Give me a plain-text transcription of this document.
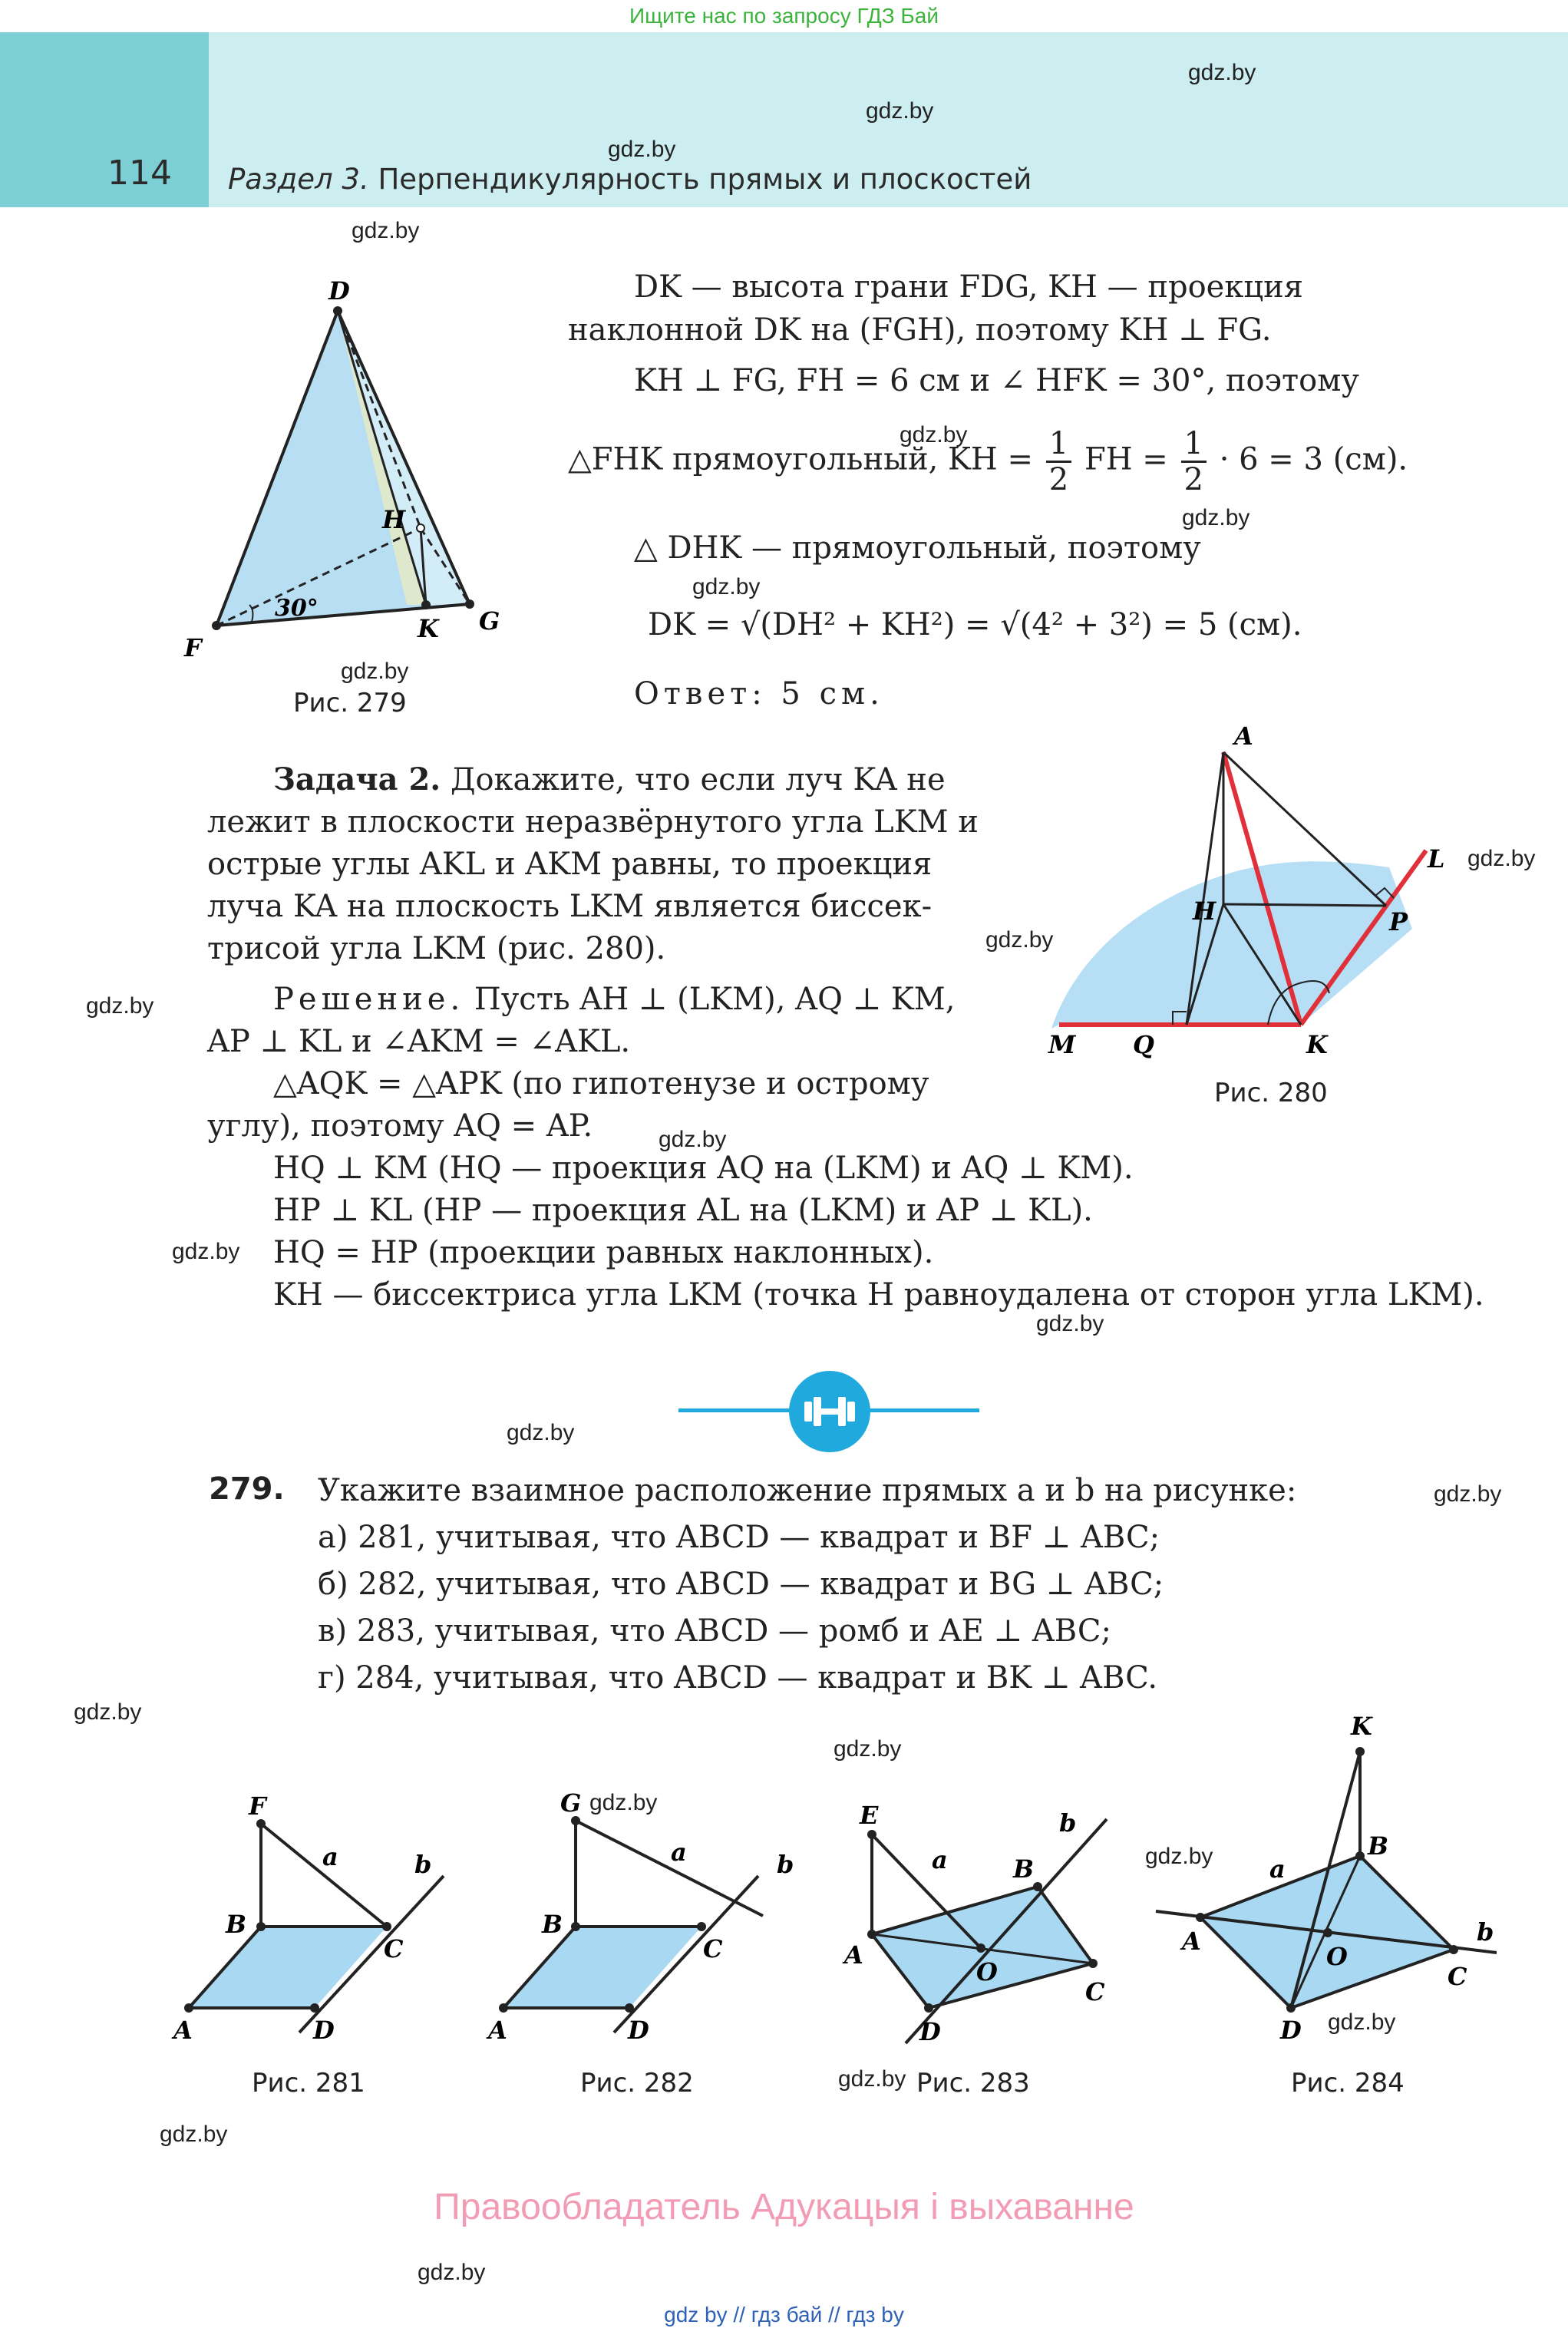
Ищите нас по запросу ГДЗ Бай
114 Раздел 3. Перпендикулярность прямых и плоскостей
gdz.by
gdz.by
gdz.by
gdz.by
gdz.by
gdz.by
gdz.by
gdz.by
gdz.by
gdz.by
gdz.by
gdz.by
gdz.by
gdz.by
gdz.by
gdz.by
gdz.by
gdz.by
gdz.by
gdz.by
gdz.by
gdz.by
gdz.by
gdz.by
D
H
F
K G
30°
Рис. 279
DK — высота грани FDG, KH — проекция
наклонной DK на (FGH), поэтому KH ⊥ FG.
KH ⊥ FG, FH = 6 см и ∠ HFK = 30°, поэтому
△FHK прямоугольный, KH = $\frac{1}{2}$ FH = $\frac{1}{2} \cdot 6 = 3$ (см).
△ DHK — прямоугольный, поэтому
DK = √(DH² + KH²) = √(4² + 3²) = 5 (см).
Ответ: 5 см.
Задача 2. Докажите, что если луч KA не
лежит в плоскости неразвёрнутого угла LKM и
острые углы AKL и AKM равны, то проекция
луча KA на плоскость LKM является биссек-
трисой угла LKM (рис. 280).
Решение. Пусть AH ⊥ (LKM), AQ ⊥ KM,
AP ⊥ KL и ∠AKM = ∠AKL.
△AQK = △APK (по гипотенузе и острому
углу), поэтому AQ = AP.
HQ ⊥ KM (HQ — проекция AQ на (LKM) и AQ ⊥ KM).
HP ⊥ KL (HP — проекция AL на (LKM) и AP ⊥ KL).
HQ = HP (проекции равных наклонных).
KH — биссектриса угла LKM (точка H равноудалена от сторон угла LKM).
A
L
H	P
M Q	K
Рис. 280
279. Укажите взаимное расположение прямых a и b на рисунке:
а) 281, учитывая, что ABCD — квадрат и BF ⊥ ABC;
б) 282, учитывая, что ABCD — квадрат и BG ⊥ ABC;
в) 283, учитывая, что ABCD — ромб и AE ⊥ ABC;
г) 284, учитывая, что ABCD — квадрат и BK ⊥ ABC.
F
a	b
B
C
A	D
Рис. 281
G
a	b
B
C
A	D
Рис. 282
E
a
b
B
A
O
C
D
Рис. 283
K
B
a
A
O
b
C
D
Рис. 284
Правообладатель Адукацыя і выхаванне
gdz by // гдз бай // гдз by
